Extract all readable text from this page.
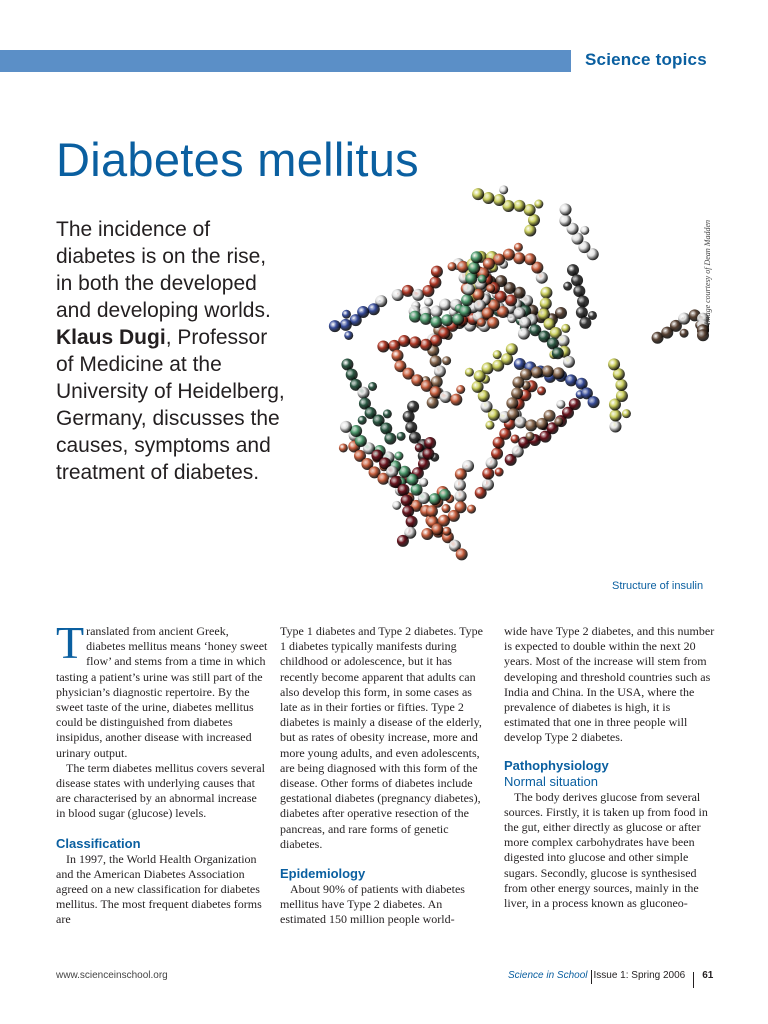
Science topics
Diabetes mellitus
The incidence of diabetes is on the rise, in both the developed and developing worlds. Klaus Dugi, Professor of Medicine at the University of Heidelberg, Germany, discusses the causes, symptoms and treatment of diabetes.
Image courtesy of Dean Madden
Structure of insulin

Translated from ancient Greek, diabetes mellitus means ‘honey sweet flow’ and stems from a time in which tasting a patient’s urine was still part of the physician’s diagnostic repertoire. By the sweet taste of the urine, diabetes mellitus could be distinguished from diabetes insipidus, another disease with increased urinary output.

The term diabetes mellitus covers several disease states with underlying causes that are characterised by an abnormal increase in blood sugar (glucose) levels.

Classification

In 1997, the World Health Organization and the American Diabetes Association agreed on a new classification for diabetes mellitus. The most frequent diabetes forms are

Type 1 diabetes and Type 2 diabetes. Type 1 diabetes typically manifests during childhood or adolescence, but it has recently become apparent that adults can also develop this form, in some cases as late as in their forties or fifties. Type 2 diabetes is mainly a disease of the elderly, but as rates of obesity increase, more and more young adults, and even adolescents, are being diagnosed with this form of the disease. Other forms of diabetes include gestational diabetes (pregnancy diabetes), diabetes after operative resection of the pancreas, and rare forms of genetic diabetes.

Epidemiology

About 90% of patients with diabetes mellitus have Type 2 diabetes. An estimated 150 million people world-

wide have Type 2 diabetes, and this number is expected to double within the next 20 years. Most of the increase will stem from developing and threshold countries such as India and China. In the USA, where the prevalence of diabetes is high, it is estimated that one in three people will develop Type 2 diabetes.

Pathophysiology
Normal situation

The body derives glucose from several sources. Firstly, it is taken up from food in the gut, either directly as glucose or after more complex carbohydrates have been digested into glucose and other simple sugars. Secondly, glucose is synthesised from other energy sources, mainly in the liver, in a process known as gluconeo-

www.scienceinschool.org	Science in School Issue 1: Spring 2006 61
